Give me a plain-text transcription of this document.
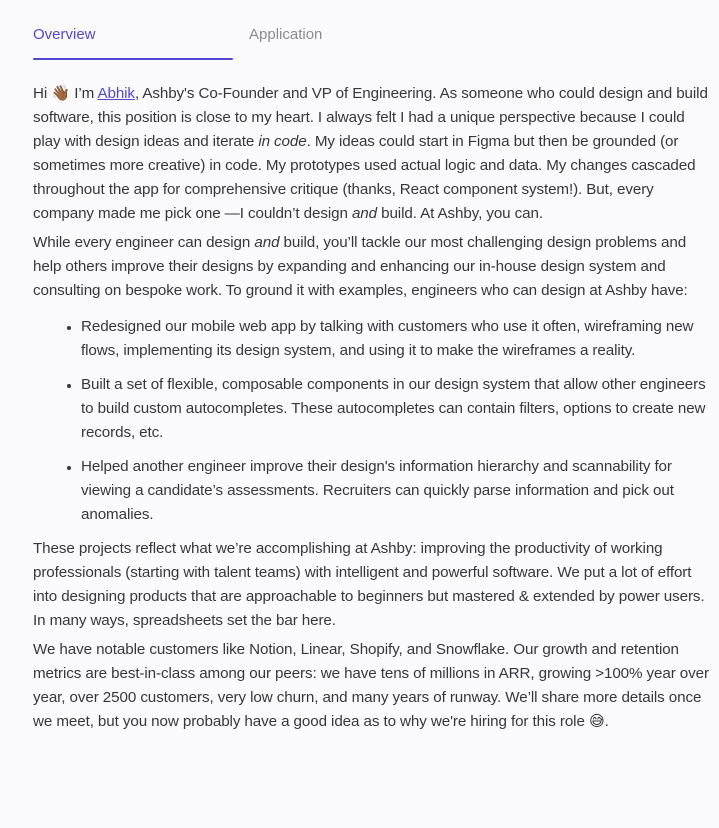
Overview	Application

Hi 👋🏾 I’m Abhik, Ashby's Co-Founder and VP of Engineering. As someone who could design and build software, this position is close to my heart. I always felt I had a unique perspective because I could play with design ideas and iterate in code. My ideas could start in Figma but then be grounded (or sometimes more creative) in code. My prototypes used actual logic and data. My changes cascaded throughout the app for comprehensive critique (thanks, React component system!). But, every company made me pick one —I couldn’t design and build. At Ashby, you can.

While every engineer can design and build, you’ll tackle our most challenging design problems and help others improve their designs by expanding and enhancing our in-house design system and consulting on bespoke work. To ground it with examples, engineers who can design at Ashby have:

• Redesigned our mobile web app by talking with customers who use it often, wireframing new flows, implementing its design system, and using it to make the wireframes a reality.
• Built a set of flexible, composable components in our design system that allow other engineers to build custom autocompletes. These autocompletes can contain filters, options to create new records, etc.
• Helped another engineer improve their design's information hierarchy and scannability for viewing a candidate’s assessments. Recruiters can quickly parse information and pick out anomalies.

These projects reflect what we’re accomplishing at Ashby: improving the productivity of working professionals (starting with talent teams) with intelligent and powerful software. We put a lot of effort into designing products that are approachable to beginners but mastered & extended by power users. In many ways, spreadsheets set the bar here.

We have notable customers like Notion, Linear, Shopify, and Snowflake. Our growth and retention metrics are best-in-class among our peers: we have tens of millions in ARR, growing >100% year over year, over 2500 customers, very low churn, and many years of runway. We’ll share more details once we meet, but you now probably have a good idea as to why we're hiring for this role 😅.
